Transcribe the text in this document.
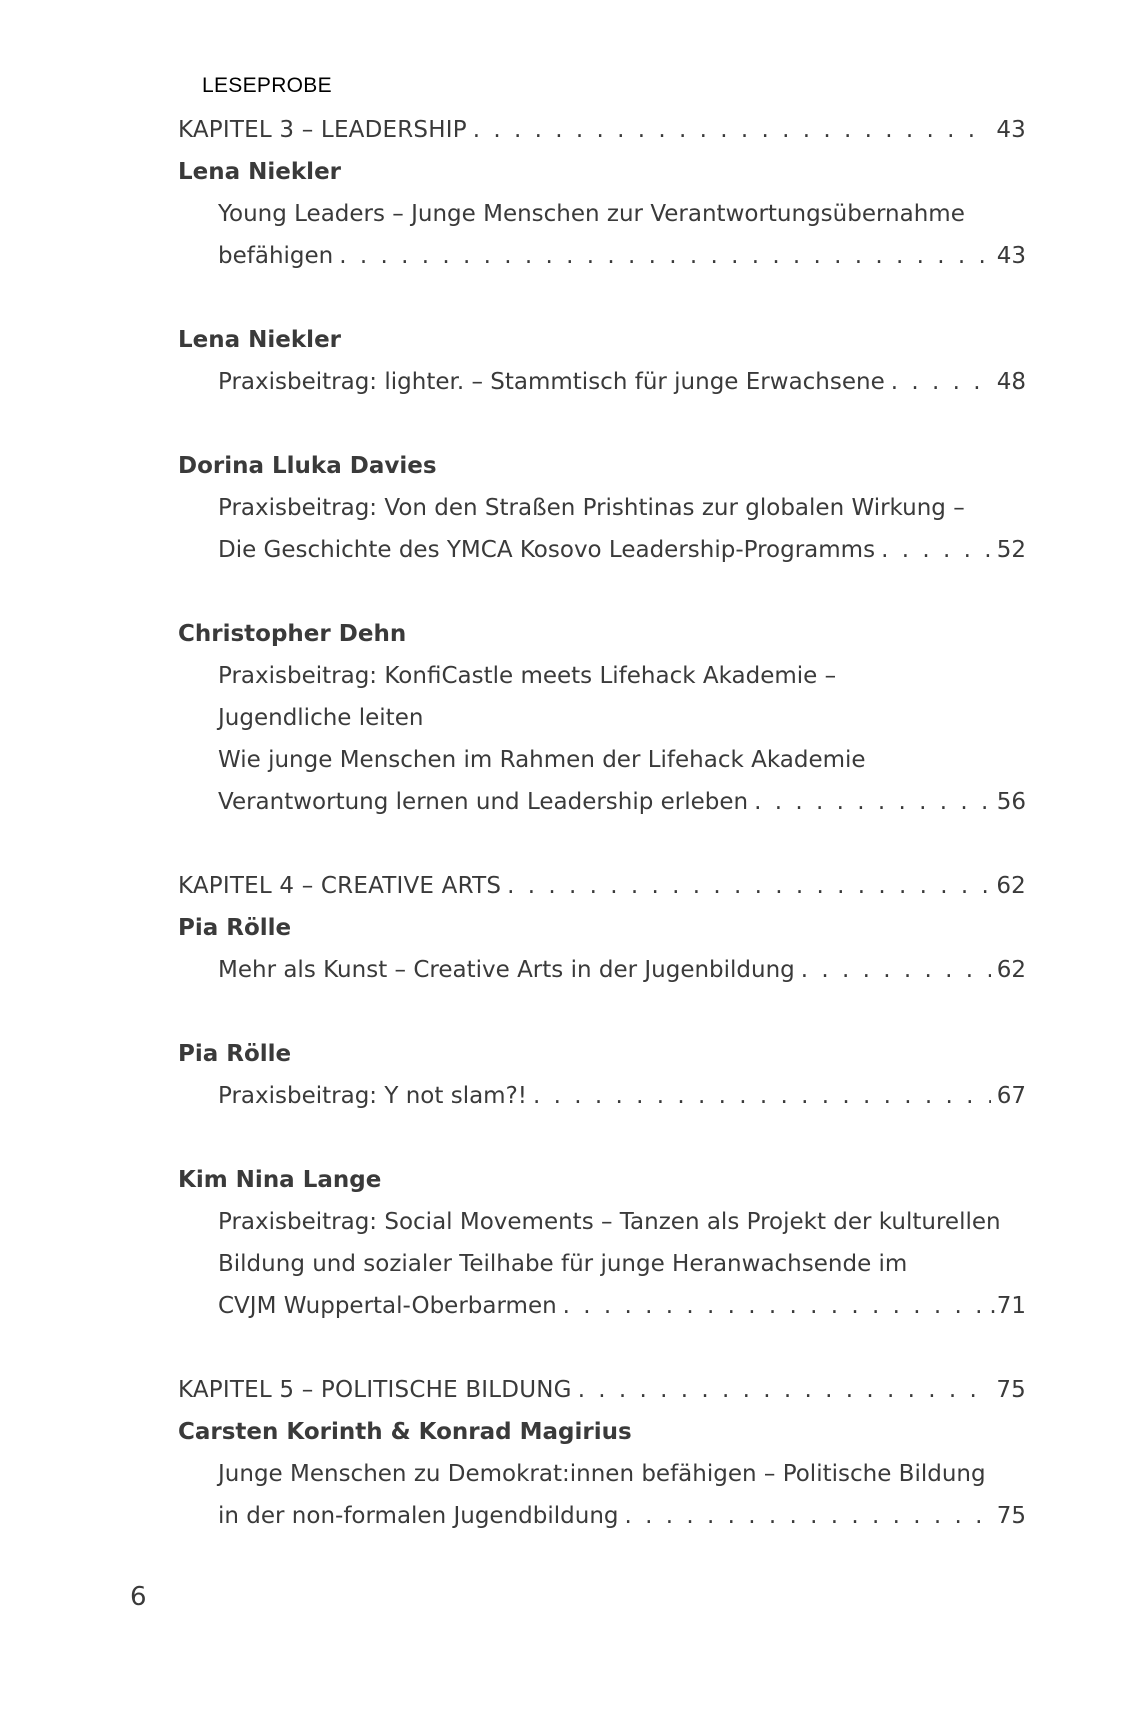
LESEPROBE
KAPITEL 3 – LEADERSHIP . . .	43
Lena Niekler
Young Leaders – Junge Menschen zur Verantwortungsübernahme
befähigen . . .	43
Lena Niekler
Praxisbeitrag: lighter. – Stammtisch für junge Erwachsene . . .	48
Dorina Lluka Davies
Praxisbeitrag: Von den Straßen Prishtinas zur globalen Wirkung –
Die Geschichte des YMCA Kosovo Leadership-Programms . . .	52
Christopher Dehn
Praxisbeitrag: KonfiCastle meets Lifehack Akademie –
Jugendliche leiten
Wie junge Menschen im Rahmen der Lifehack Akademie
Verantwortung lernen und Leadership erleben . . .	56
KAPITEL 4 – CREATIVE ARTS . . .	62
Pia Rölle
Mehr als Kunst – Creative Arts in der Jugenbildung . . .	62
Pia Rölle
Praxisbeitrag: Y not slam?! . . .	67
Kim Nina Lange
Praxisbeitrag: Social Movements – Tanzen als Projekt der kulturellen
Bildung und sozialer Teilhabe für junge Heranwachsende im
CVJM Wuppertal-Oberbarmen . . .	.71
KAPITEL 5 – POLITISCHE BILDUNG . . .	75
Carsten Korinth & Konrad Magirius
Junge Menschen zu Demokrat:innen befähigen – Politische Bildung
in der non-formalen Jugendbildung . . .	75
6
